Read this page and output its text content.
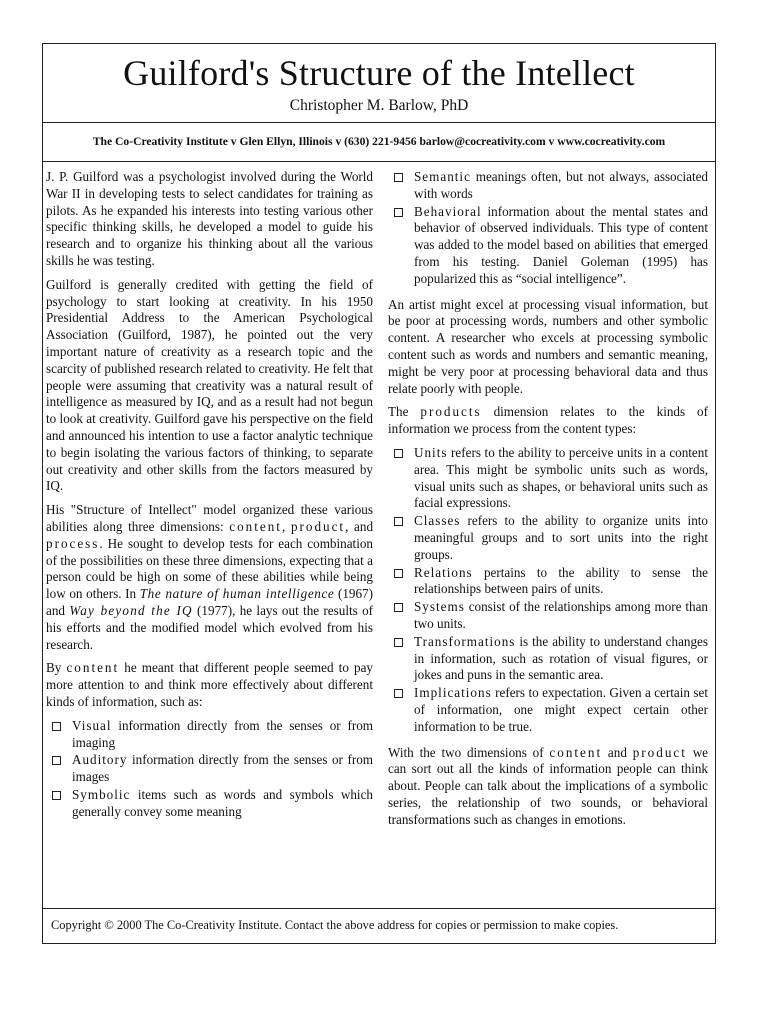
Guilford's Structure of the Intellect
Christopher M. Barlow, PhD
The Co-Creativity Institute v Glen Ellyn, Illinois v (630) 221-9456 barlow@cocreativity.com v www.cocreativity.com

J. P. Guilford was a psychologist involved during the World War II in developing tests to select candidates for training as pilots. As he expanded his interests into testing various other specific thinking skills, he developed a model to guide his research and to organize his thinking about all the various skills he was testing.

Guilford is generally credited with getting the field of psychology to start looking at creativity. In his 1950 Presidential Address to the American Psychological Association (Guilford, 1987), he pointed out the very important nature of creativity as a research topic and the scarcity of published research related to creativity. He felt that people were assuming that creativity was a natural result of intelligence as measured by IQ, and as a result had not begun to look at creativity. Guilford gave his perspective on the field and announced his intention to use a factor analytic technique to begin isolating the various factors of thinking, to separate out creativity and other skills from the factors measured by IQ.

His "Structure of Intellect" model organized these various abilities along three dimensions: content, product, and process. He sought to develop tests for each combination of the possibilities on these three dimensions, expecting that a person could be high on some of these abilities while being low on others. In The nature of human intelligence (1967) and Way beyond the IQ (1977), he lays out the results of his efforts and the modified model which evolved from his research.

By content he meant that different people seemed to pay more attention to and think more effectively about different kinds of information, such as:

Visual information directly from the senses or from imaging
Auditory information directly from the senses or from images
Symbolic items such as words and symbols which generally convey some meaning
Semantic meanings often, but not always, associated with words
Behavioral information about the mental states and behavior of observed individuals. This type of content was added to the model based on abilities that emerged from his testing. Daniel Goleman (1995) has popularized this as “social intelligence”.

An artist might excel at processing visual information, but be poor at processing words, numbers and other symbolic content. A researcher who excels at processing symbolic content such as words and numbers and semantic meaning, might be very poor at processing behavioral data and thus relate poorly with people.

The products dimension relates to the kinds of information we process from the content types:

Units refers to the ability to perceive units in a content area. This might be symbolic units such as words, visual units such as shapes, or behavioral units such as facial expressions.
Classes refers to the ability to organize units into meaningful groups and to sort units into the right groups.
Relations pertains to the ability to sense the relationships between pairs of units.
Systems consist of the relationships among more than two units.
Transformations is the ability to understand changes in information, such as rotation of visual figures, or jokes and puns in the semantic area.
Implications refers to expectation. Given a certain set of information, one might expect certain other information to be true.

With the two dimensions of content and product we can sort out all the kinds of information people can think about. People can talk about the implications of a symbolic series, the relationship of two sounds, or behavioral transformations such as changes in emotions.

Copyright © 2000 The Co-Creativity Institute. Contact the above address for copies or permission to make copies.
